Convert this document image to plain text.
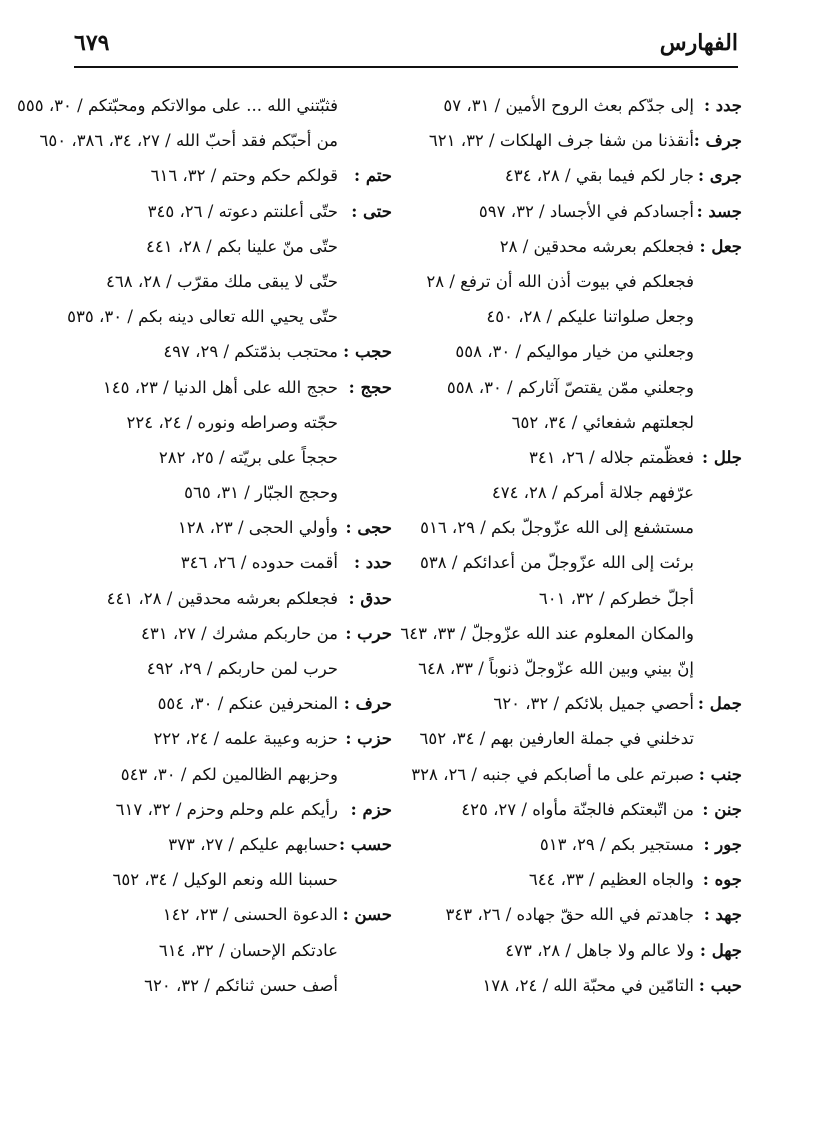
الفهارس
٦٧٩
جدد :
إلى جدّكم بعث الروح الأمين / ٣١، ٥٧
جرف :
أنقذنا من شفا جرف الهلكات / ٣٢، ٦٢١
جرى :
جار لكم فيما بقي / ٢٨، ٤٣٤
جسد :
أجسادكم في الأجساد / ٣٢، ٥٩٧
جعل :
فجعلكم بعرشه محدقين / ٢٨
فجعلكم في بيوت أذن الله أن ترفع / ٢٨
وجعل صلواتنا عليكم / ٢٨، ٤٥٠
وجعلني من خيار مواليكم / ٣٠، ٥٥٨
وجعلني ممّن يقتصّ آثاركم / ٣٠، ٥٥٨
لجعلتهم شفعائي / ٣٤، ٦٥٢
جلل :
فعظّمتم جلاله / ٢٦، ٣٤١
عرّفهم جلالة أمركم / ٢٨، ٤٧٤
مستشفع إلى الله عزّوجلّ بكم / ٢٩، ٥١٦
برئت إلى الله عزّوجلّ من أعدائكم / ٥٣٨
أجلّ خطركم / ٣٢، ٦٠١
والمكان المعلوم عند الله عزّوجلّ / ٣٣، ٦٤٣
إنّ بيني وبين الله عزّوجلّ ذنوباً / ٣٣، ٦٤٨
جمل :
أحصي جميل بلائكم / ٣٢، ٦٢٠
تدخلني في جملة العارفين بهم / ٣٤، ٦٥٢
جنب :
صبرتم على ما أصابكم في جنبه / ٢٦، ٣٢٨
جنن :
من اتّبعتكم فالجنّة مأواه / ٢٧، ٤٢٥
جور :
مستجير بكم / ٢٩، ٥١٣
جوه :
والجاه العظيم / ٣٣، ٦٤٤
جهد :
جاهدتم في الله حقّ جهاده / ٢٦، ٣٤٣
جهل :
ولا عالم ولا جاهل / ٢٨، ٤٧٣
حبب :
التامّين في محبّة الله / ٢٤، ١٧٨
فثبّتني الله ... على موالاتكم ومحبّتكم / ٣٠، ٥٥٥
من أحبّكم فقد أحبّ الله / ٢٧، ٣٤، ٣٨٦، ٦٥٠
حتم :
قولكم حكم وحتم / ٣٢، ٦١٦
حتى :
حتّى أعلنتم دعوته / ٢٦، ٣٤٥
حتّى منّ علينا بكم / ٢٨، ٤٤١
حتّى لا يبقى ملك مقرّب / ٢٨، ٤٦٨
حتّى يحيي الله تعالى دينه بكم / ٣٠، ٥٣٥
حجب :
محتجب بذمّتكم / ٢٩، ٤٩٧
حجج :
حجج الله على أهل الدنيا / ٢٣، ١٤٥
حجّته وصراطه ونوره / ٢٤، ٢٢٤
حججاً على بريّته / ٢٥، ٢٨٢
وحجج الجبّار / ٣١، ٥٦٥
حجى :
وأولي الحجى / ٢٣، ١٢٨
حدد :
أقمت حدوده / ٢٦، ٣٤٦
حدق :
فجعلكم بعرشه محدقين / ٢٨، ٤٤١
حرب :
من حاربكم مشرك / ٢٧، ٤٣١
حرب لمن حاربكم / ٢٩، ٤٩٢
حرف :
المنحرفين عنكم / ٣٠، ٥٥٤
حزب :
حزبه وعيبة علمه / ٢٤، ٢٢٢
وحزبهم الظالمين لكم / ٣٠، ٥٤٣
حزم :
رأيكم علم وحلم وحزم / ٣٢، ٦١٧
حسب :
حسابهم عليكم / ٢٧، ٣٧٣
حسبنا الله ونعم الوكيل / ٣٤، ٦٥٢
حسن :
الدعوة الحسنى / ٢٣، ١٤٢
عادتكم الإحسان / ٣٢، ٦١٤
أصف حسن ثنائكم / ٣٢، ٦٢٠
